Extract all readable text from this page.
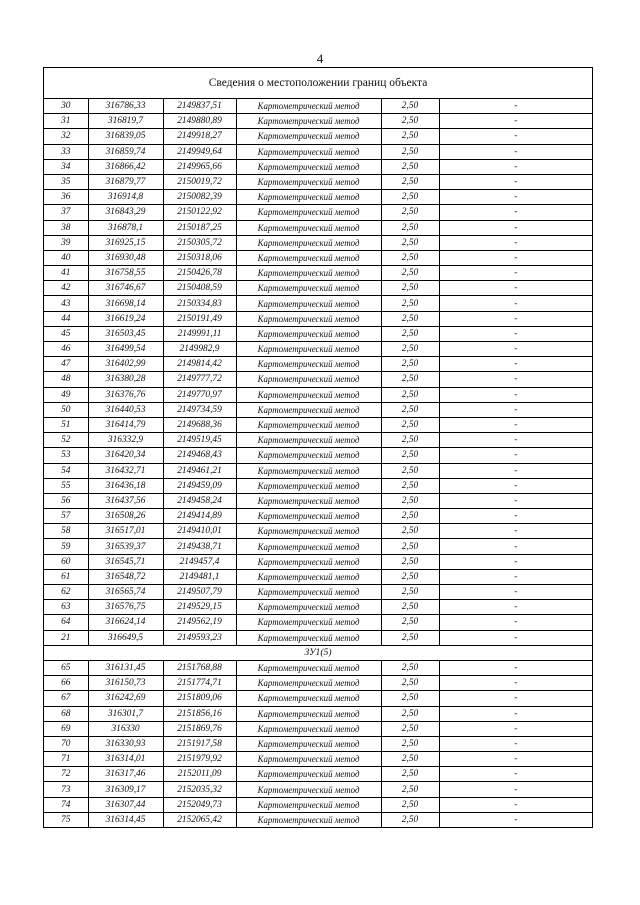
4
Сведения о местоположении границ объекта
30	316786,33	2149837,51	Картометрический метод	2,50	-
31	316819,7	2149880,89	Картометрический метод	2,50	-
32	316839,05	2149918,27	Картометрический метод	2,50	-
33	316859,74	2149949,64	Картометрический метод	2,50	-
34	316866,42	2149965,66	Картометрический метод	2,50	-
35	316879,77	2150019,72	Картометрический метод	2,50	-
36	316914,8	2150082,39	Картометрический метод	2,50	-
37	316843,29	2150122,92	Картометрический метод	2,50	-
38	316878,1	2150187,25	Картометрический метод	2,50	-
39	316925,15	2150305,72	Картометрический метод	2,50	-
40	316930,48	2150318,06	Картометрический метод	2,50	-
41	316758,55	2150426,78	Картометрический метод	2,50	-
42	316746,67	2150408,59	Картометрический метод	2,50	-
43	316698,14	2150334,83	Картометрический метод	2,50	-
44	316619,24	2150191,49	Картометрический метод	2,50	-
45	316503,45	2149991,11	Картометрический метод	2,50	-
46	316499,54	2149982,9	Картометрический метод	2,50	-
47	316402,99	2149814,42	Картометрический метод	2,50	-
48	316380,28	2149777,72	Картометрический метод	2,50	-
49	316376,76	2149770,97	Картометрический метод	2,50	-
50	316440,53	2149734,59	Картометрический метод	2,50	-
51	316414,79	2149688,36	Картометрический метод	2,50	-
52	316332,9	2149519,45	Картометрический метод	2,50	-
53	316420,34	2149468,43	Картометрический метод	2,50	-
54	316432,71	2149461,21	Картометрический метод	2,50	-
55	316436,18	2149459,09	Картометрический метод	2,50	-
56	316437,56	2149458,24	Картометрический метод	2,50	-
57	316508,26	2149414,89	Картометрический метод	2,50	-
58	316517,01	2149410,01	Картометрический метод	2,50	-
59	316539,37	2149438,71	Картометрический метод	2,50	-
60	316545,71	2149457,4	Картометрический метод	2,50	-
61	316548,72	2149481,1	Картометрический метод	2,50	-
62	316565,74	2149507,79	Картометрический метод	2,50	-
63	316576,75	2149529,15	Картометрический метод	2,50	-
64	316624,14	2149562,19	Картометрический метод	2,50	-
21	316649,5	2149593,23	Картометрический метод	2,50	-
ЗУ1(5)					
65	316131,45	2151768,88	Картометрический метод	2,50	-
66	316150,73	2151774,71	Картометрический метод	2,50	-
67	316242,69	2151809,06	Картометрический метод	2,50	-
68	316301,7	2151856,16	Картометрический метод	2,50	-
69	316330	2151869,76	Картометрический метод	2,50	-
70	316330,93	2151917,58	Картометрический метод	2,50	-
71	316314,01	2151979,92	Картометрический метод	2,50	-
72	316317,46	2152011,09	Картометрический метод	2,50	-
73	316309,17	2152035,32	Картометрический метод	2,50	-
74	316307,44	2152049,73	Картометрический метод	2,50	-
75	316314,45	2152065,42	Картометрический метод	2,50	-
